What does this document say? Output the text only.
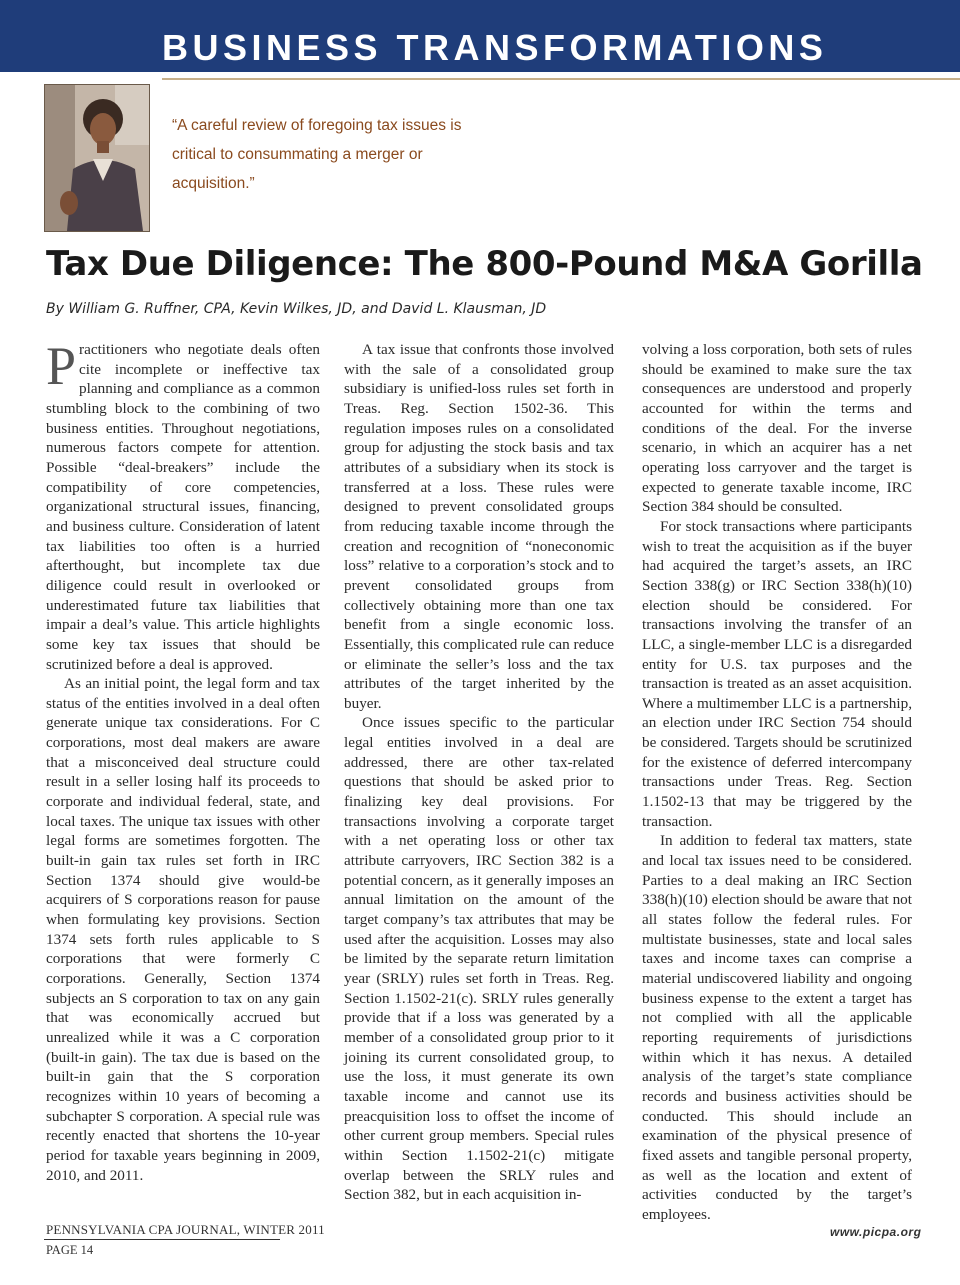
BUSINESS TRANSFORMATIONS
“A careful review of foregoing tax issues is critical to consummating a merger or acquisition.”
Tax Due Diligence: The 800-Pound M&A Gorilla
By William G. Ruffner, CPA, Kevin Wilkes, JD, and David L. Klausman, JD

Practitioners who negotiate deals often cite incomplete or ineffective tax planning and compliance as a common stumbling block to the combining of two business entities. Throughout negotiations, numerous factors compete for attention. Possible “deal-breakers” include the compatibility of core competencies, organizational structural issues, financing, and business culture. Consideration of latent tax liabilities too often is a hurried afterthought, but incomplete tax due diligence could result in overlooked or underestimated future tax liabilities that impair a deal’s value. This article highlights some key tax issues that should be scrutinized before a deal is approved.

As an initial point, the legal form and tax status of the entities involved in a deal often generate unique tax considerations. For C corporations, most deal makers are aware that a misconceived deal structure could result in a seller losing half its proceeds to corporate and individual federal, state, and local taxes. The unique tax issues with other legal forms are sometimes forgotten. The built-in gain tax rules set forth in IRC Section 1374 should give would-be acquirers of S corporations reason for pause when formulating key provisions. Section 1374 sets forth rules applicable to S corporations that were formerly C corporations. Generally, Section 1374 subjects an S corporation to tax on any gain that was economically accrued but unrealized while it was a C corporation (built-in gain). The tax due is based on the built-in gain that the S corporation recognizes within 10 years of becoming a subchapter S corporation. A special rule was recently enacted that shortens the 10-year period for taxable years beginning in 2009, 2010, and 2011.

A tax issue that confronts those involved with the sale of a consolidated group subsidiary is unified-loss rules set forth in Treas. Reg. Section 1502-36. This regulation imposes rules on a consolidated group for adjusting the stock basis and tax attributes of a subsidiary when its stock is transferred at a loss. These rules were designed to prevent consolidated groups from reducing taxable income through the creation and recognition of “noneconomic loss” relative to a corporation’s stock and to prevent consolidated groups from collectively obtaining more than one tax benefit from a single economic loss. Essentially, this complicated rule can reduce or eliminate the seller’s loss and the tax attributes of the target inherited by the buyer.

Once issues specific to the particular legal entities involved in a deal are addressed, there are other tax-related questions that should be asked prior to finalizing key deal provisions. For transactions involving a corporate target with a net operating loss or other tax attribute carryovers, IRC Section 382 is a potential concern, as it generally imposes an annual limitation on the amount of the target company’s tax attributes that may be used after the acquisition. Losses may also be limited by the separate return limitation year (SRLY) rules set forth in Treas. Reg. Section 1.1502-21(c). SRLY rules generally provide that if a loss was generated by a member of a consolidated group prior to it joining its current consolidated group, to use the loss, it must generate its own taxable income and cannot use its preacquisition loss to offset the income of other current group members. Special rules within Section 1.1502-21(c) mitigate overlap between the SRLY rules and Section 382, but in each acquisition in-

volving a loss corporation, both sets of rules should be examined to make sure the tax consequences are understood and properly accounted for within the terms and conditions of the deal. For the inverse scenario, in which an acquirer has a net operating loss carryover and the target is expected to generate taxable income, IRC Section 384 should be consulted.

For stock transactions where participants wish to treat the acquisition as if the buyer had acquired the target’s assets, an IRC Section 338(g) or IRC Section 338(h)(10) election should be considered. For transactions involving the transfer of an LLC, a single-member LLC is a disregarded entity for U.S. tax purposes and the transaction is treated as an asset acquisition. Where a multimember LLC is a partnership, an election under IRC Section 754 should be considered. Targets should be scrutinized for the existence of deferred intercompany transactions under Treas. Reg. Section 1.1502-13 that may be triggered by the transaction.

In addition to federal tax matters, state and local tax issues need to be considered. Parties to a deal making an IRC Section 338(h)(10) election should be aware that not all states follow the federal rules. For multistate businesses, state and local sales taxes and income taxes can comprise a material undiscovered liability and ongoing business expense to the extent a target has not complied with all the applicable reporting requirements of jurisdictions within which it has nexus. A detailed analysis of the target’s state compliance records and business activities should be conducted. This should include an examination of the physical presence of fixed assets and tangible personal property, as well as the location and extent of activities conducted by the target’s employees.

PENNSYLVANIA CPA JOURNAL, WINTER 2011
PAGE 14
www.picpa.org
